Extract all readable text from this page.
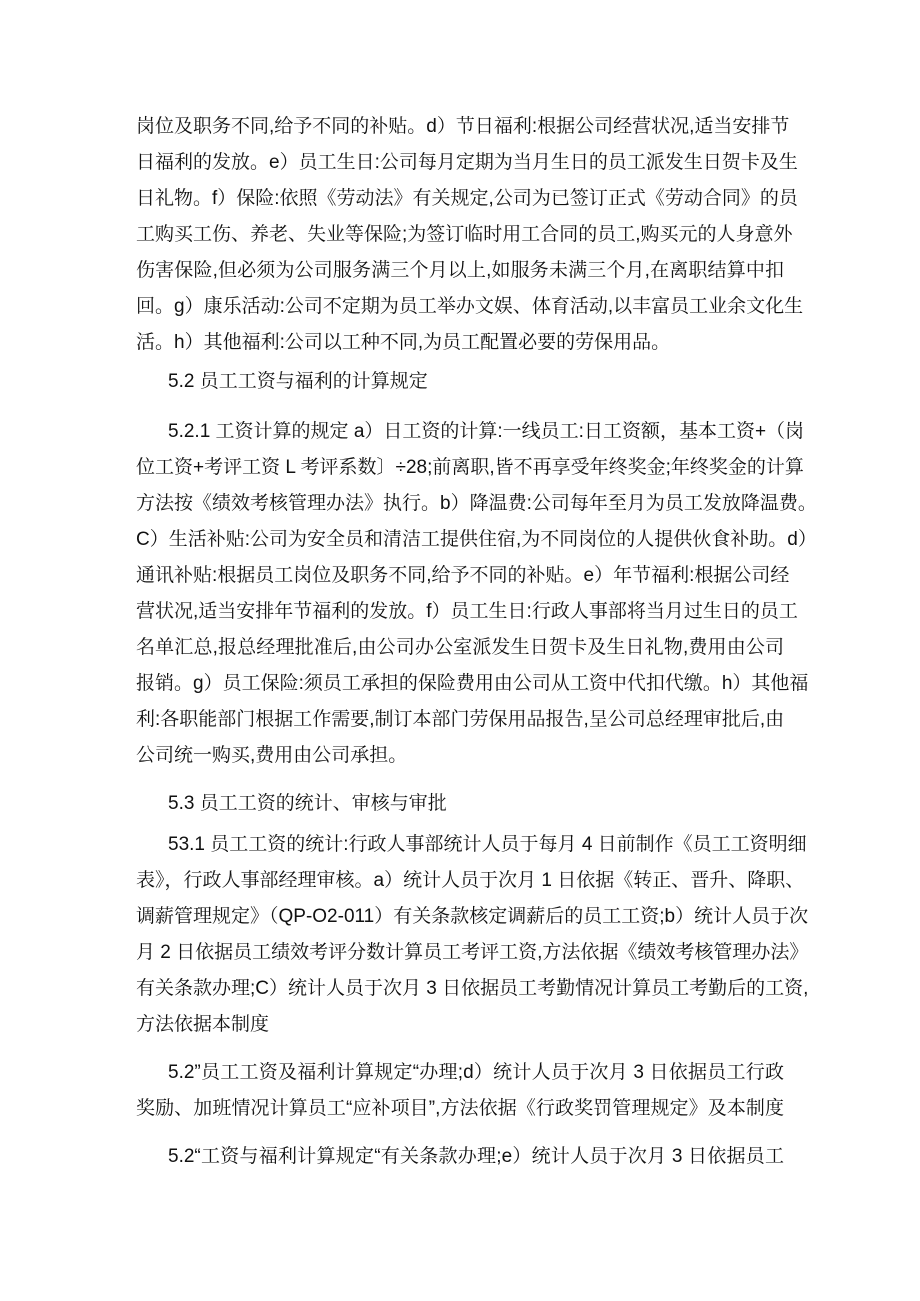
岗位及职务不同,给予不同的补贴。d）节日福利:根据公司经营状况,适当安排节
日福利的发放。e）员工生日:公司每月定期为当月生日的员工派发生日贺卡及生
日礼物。f）保险:依照《劳动法》有关规定,公司为已签订正式《劳动合同》的员
工购买工伤、养老、失业等保险;为签订临时用工合同的员工,购买元的人身意外
伤害保险,但必须为公司服务满三个月以上,如服务未满三个月,在离职结算中扣
回。g）康乐活动:公司不定期为员工举办文娱、体育活动,以丰富员工业余文化生
活。h）其他福利:公司以工种不同,为员工配置必要的劳保用品。
5.2 员工工资与福利的计算规定
5.2.1 工资计算的规定 a）日工资的计算:一线员工:日工资额，基本工资+（岗
位工资+考评工资 L 考评系数〕÷28;前离职,皆不再享受年终奖金;年终奖金的计算
方法按《绩效考核管理办法》执行。b）降温费:公司每年至月为员工发放降温费。
C）生活补贴:公司为安全员和清洁工提供住宿,为不同岗位的人提供伙食补助。d）
通讯补贴:根据员工岗位及职务不同,给予不同的补贴。e）年节福利:根据公司经
营状况,适当安排年节福利的发放。f）员工生日:行政人事部将当月过生日的员工
名单汇总,报总经理批准后,由公司办公室派发生日贺卡及生日礼物,费用由公司
报销。g）员工保险:须员工承担的保险费用由公司从工资中代扣代缴。h）其他福
利:各职能部门根据工作需要,制订本部门劳保用品报告,呈公司总经理审批后,由
公司统一购买,费用由公司承担。
5.3 员工工资的统计、审核与审批
53.1 员工工资的统计:行政人事部统计人员于每月 4 日前制作《员工工资明细
表》，行政人事部经理审核。a）统计人员于次月 1 日依据《转正、晋升、降职、
调薪管理规定》（QP-O2-011）有关条款核定调薪后的员工工资;b）统计人员于次
月 2 日依据员工绩效考评分数计算员工考评工资,方法依据《绩效考核管理办法》
有关条款办理;C）统计人员于次月 3 日依据员工考勤情况计算员工考勤后的工资,
方法依据本制度
5.2”员工工资及福利计算规定“办理;d）统计人员于次月 3 日依据员工行政
奖励、加班情况计算员工“应补项目”,方法依据《行政奖罚管理规定》及本制度
5.2“工资与福利计算规定“有关条款办理;e）统计人员于次月 3 日依据员工
